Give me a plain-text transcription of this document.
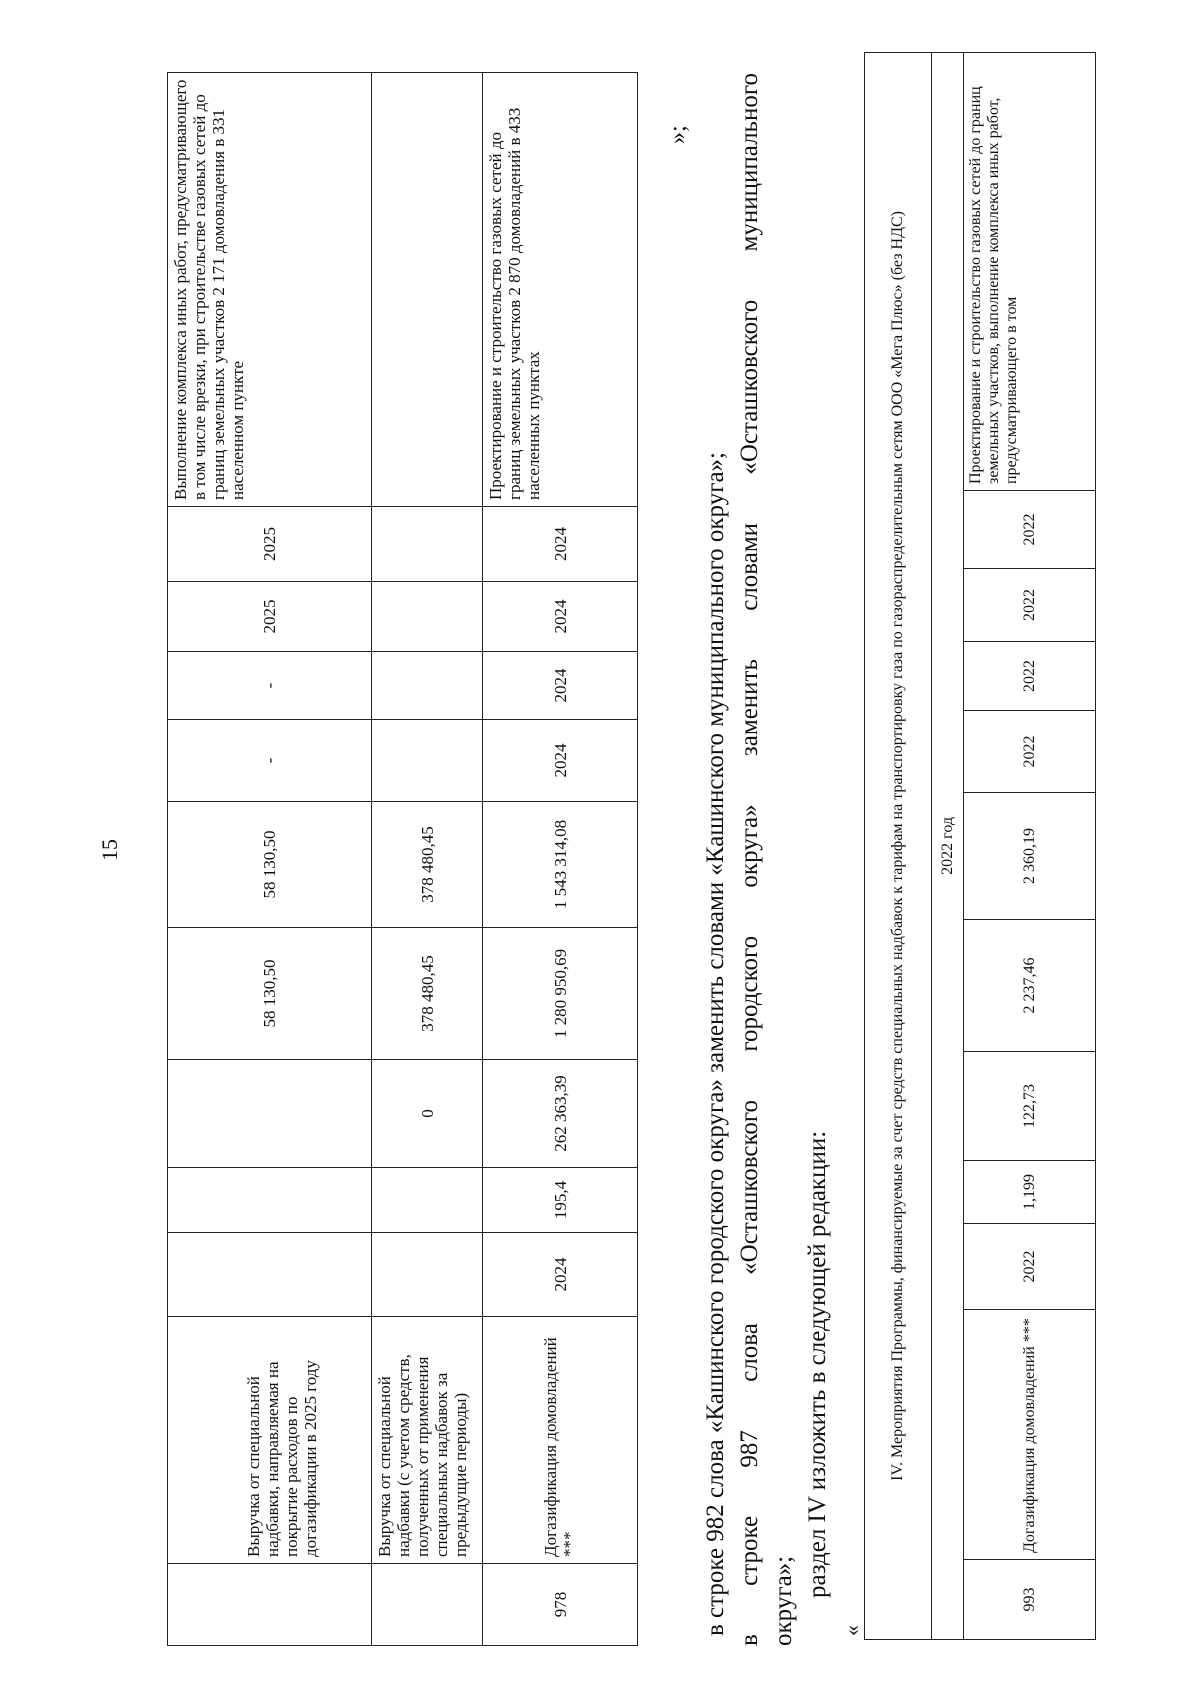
15
	Выручка от специальной надбавки, направляемая на покрытие расходов по догазификации в 2025 году				58 130,50	58 130,50	-	-	2025	2025	Выполнение комплекса иных работ, предусматривающего в том числе врезки, при строительстве газовых сетей до границ земельных участков 2 171 домовладения в 331 населенном пункте
	Выручка от специальной надбавки (с учетом средств, полученных от применения специальных надбавок за предыдущие периоды)			0	378 480,45	378 480,45					
978	Догазификация домовладений ***	2024	195,4	262 363,39	1 280 950,69	1 543 314,08	2024	2024	2024	2024	Проектирование и строительство газовых сетей до границ земельных участков 2 870 домовладений в 433 населенных пунктах
»;
в строке 982 слова «Кашинского городского округа» заменить словами «Кашинского муниципального округа»;
в
строке
987
слова
«Осташковского
городского
округа»
заменить
словами
«Осташковского
муниципального
округа»;
раздел IV изложить в следующей редакции:
«
IV. Мероприятия Программы, финансируемые за счет средств специальных надбавок к тарифам на транспортировку газа по газораспределительным сетям ООО «Мега Плюс» (без НДС)
2022 год
993	Догазификация домовладений ***	2022	1,199	122,73	2 237,46	2 360,19	2022	2022	2022	2022	Проектирование и строительство газовых сетей до границ земельных участков, выполнение комплекса иных работ, предусматривающего в том
